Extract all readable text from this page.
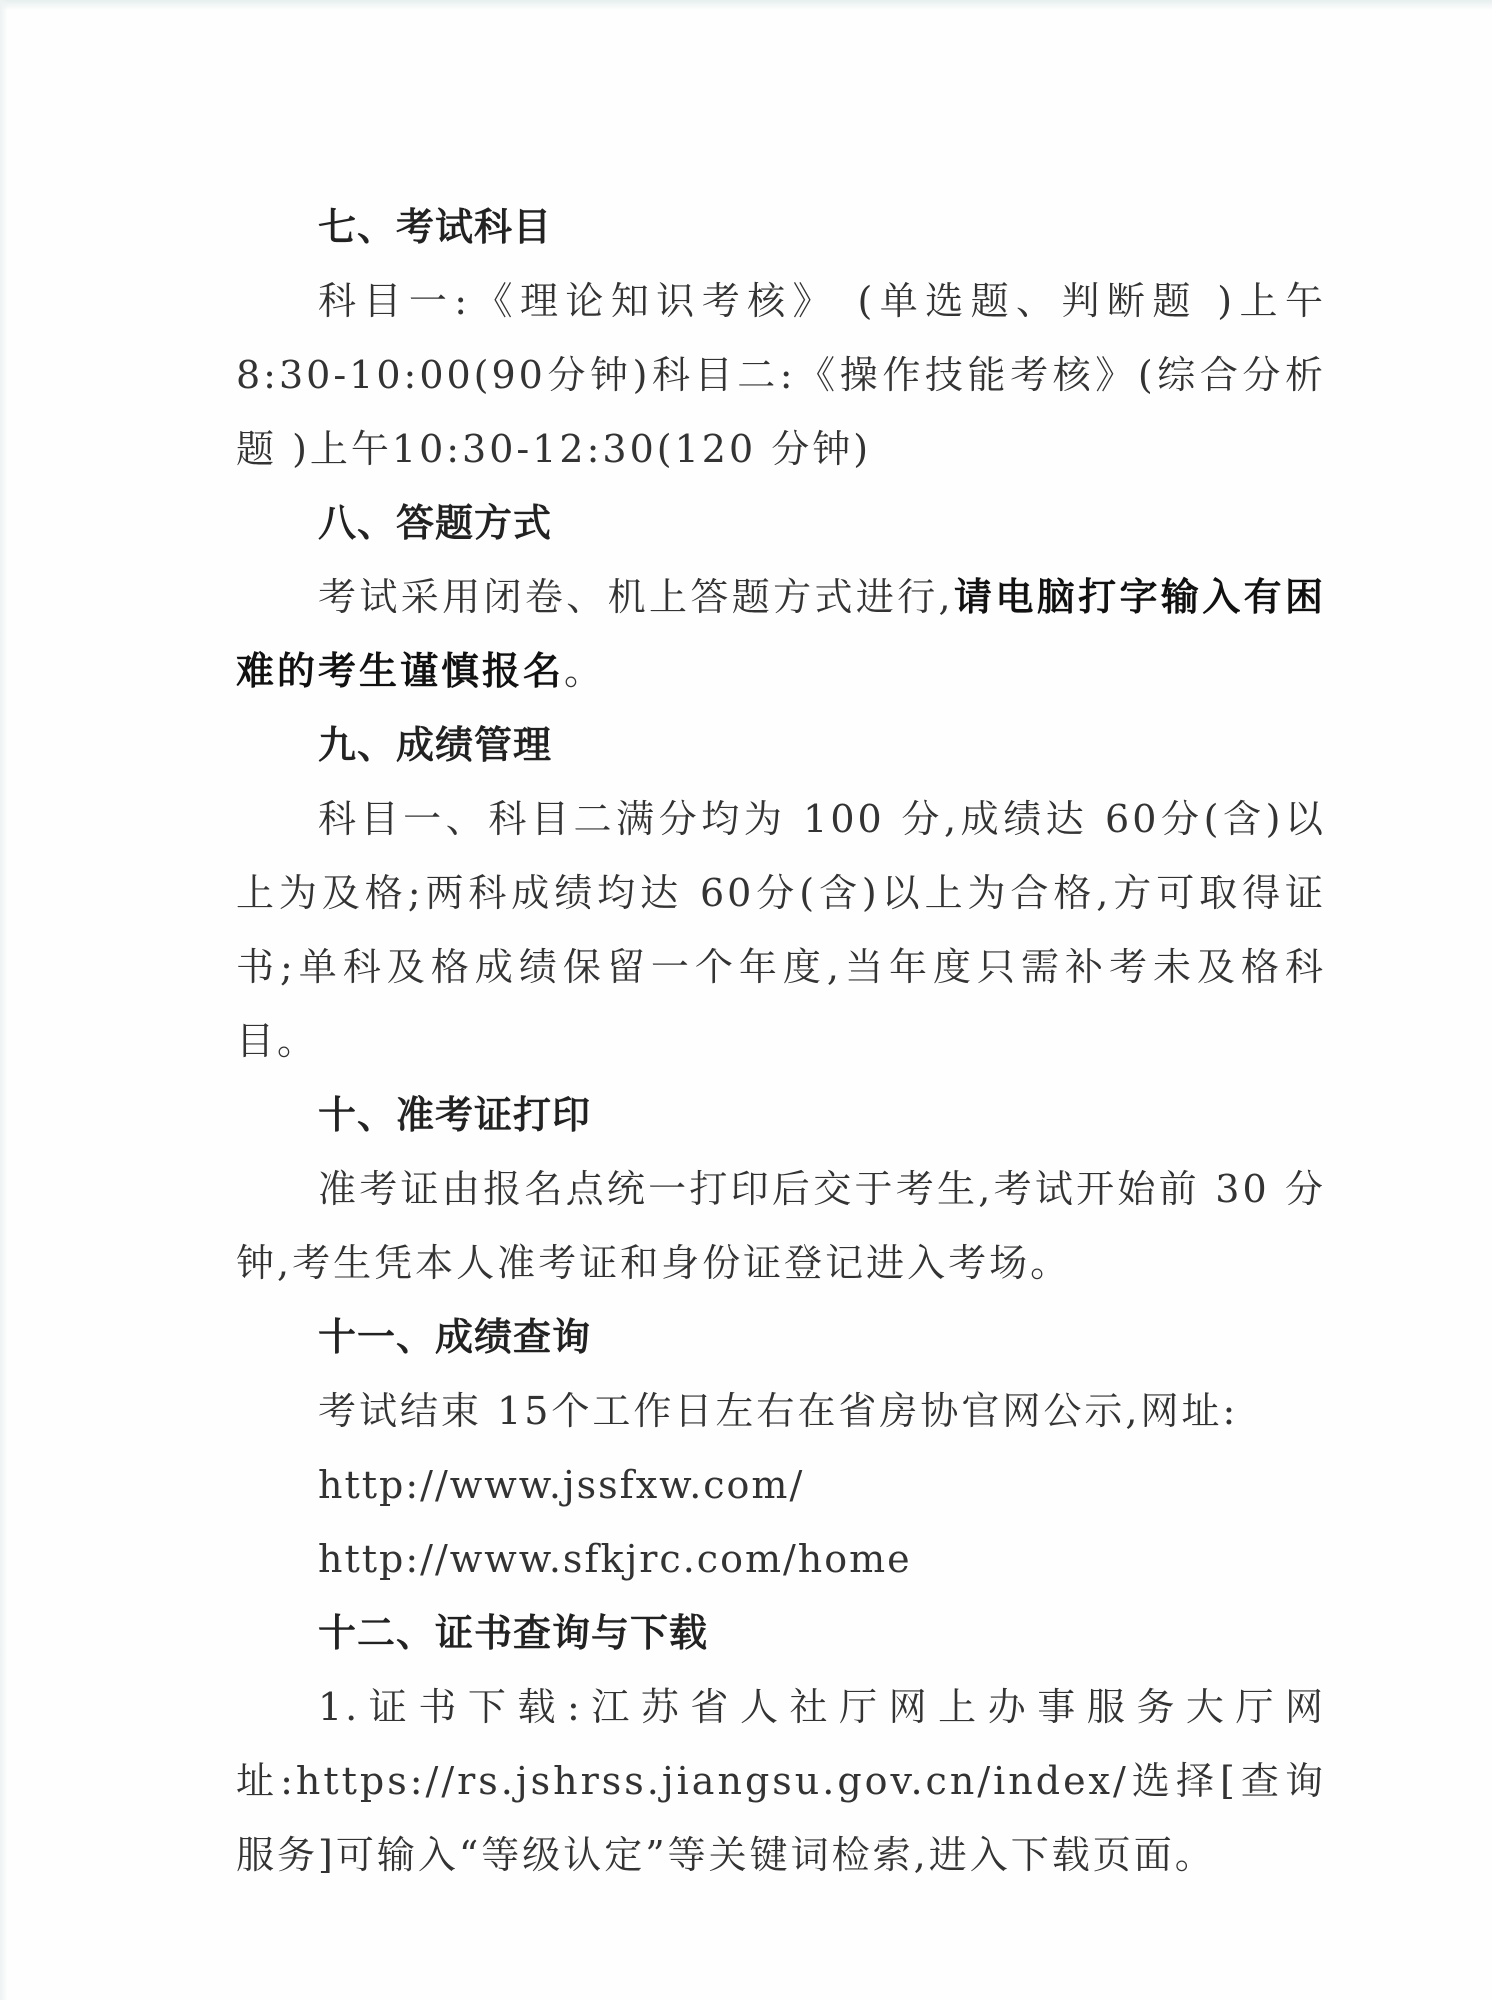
七、考试科目

科目一:《理论知识考核》 (单选题、判断题 )上午8:30-10:00(90分钟)科目二:《操作技能考核》(综合分析题 )上午10:30-12:30(120 分钟)

八、答题方式

考试采用闭卷、机上答题方式进行,请电脑打字输入有困难的考生谨慎报名。

九、成绩管理

科目一、科目二满分均为 100 分,成绩达 60分(含)以上为及格;两科成绩均达 60分(含)以上为合格,方可取得证书;单科及格成绩保留一个年度,当年度只需补考未及格科目。

十、准考证打印

准考证由报名点统一打印后交于考生,考试开始前 30 分钟,考生凭本人准考证和身份证登记进入考场。

十一、成绩查询

考试结束 15个工作日左右在省房协官网公示,网址:

http://www.jssfxw.com/
http://www.sfkjrc.com/home
十二、证书查询与下载

1.证书下载:江苏省人社厅网上办事服务大厅网址:https://rs.jshrss.jiangsu.gov.cn/index/选择[查询服务]可输入“等级认定”等关键词检索,进入下载页面。
